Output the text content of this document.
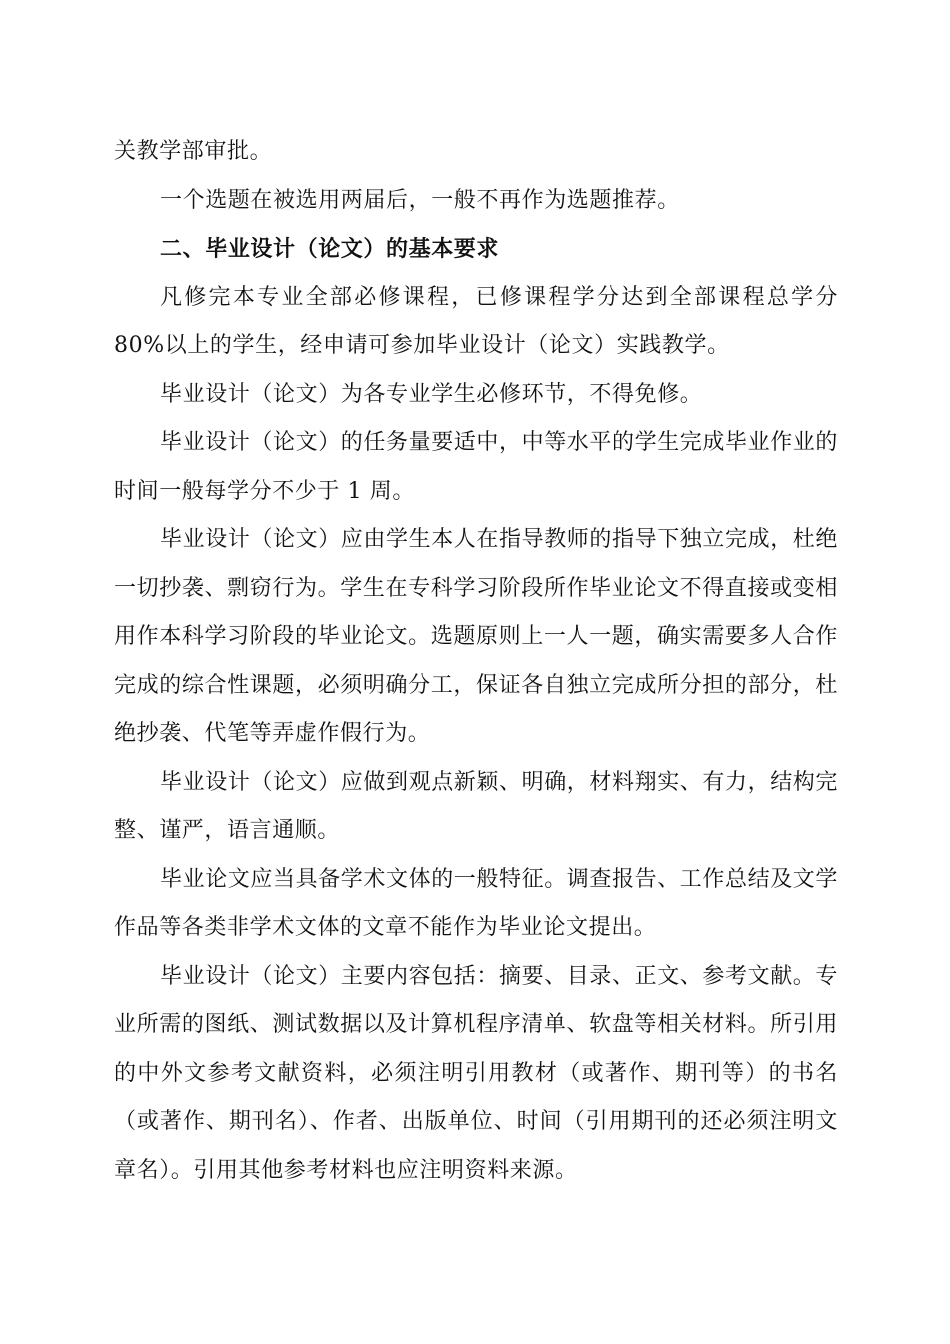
关教学部审批。

一个选题在被选用两届后，一般不再作为选题推荐。

二、毕业设计（论文）的基本要求

凡修完本专业全部必修课程，已修课程学分达到全部课程总学分 80%以上的学生，经申请可参加毕业设计（论文）实践教学。

毕业设计（论文）为各专业学生必修环节，不得免修。

毕业设计（论文）的任务量要适中，中等水平的学生完成毕业作业的时间一般每学分不少于 1 周。

毕业设计（论文）应由学生本人在指导教师的指导下独立完成，杜绝一切抄袭、剽窃行为。学生在专科学习阶段所作毕业论文不得直接或变相用作本科学习阶段的毕业论文。选题原则上一人一题，确实需要多人合作完成的综合性课题，必须明确分工，保证各自独立完成所分担的部分，杜绝抄袭、代笔等弄虚作假行为。

毕业设计（论文）应做到观点新颖、明确，材料翔实、有力，结构完整、谨严，语言通顺。

毕业论文应当具备学术文体的一般特征。调查报告、工作总结及文学作品等各类非学术文体的文章不能作为毕业论文提出。

毕业设计（论文）主要内容包括：摘要、目录、正文、参考文献。专业所需的图纸、测试数据以及计算机程序清单、软盘等相关材料。所引用的中外文参考文献资料，必须注明引用教材（或著作、期刊等）的书名（或著作、期刊名）、作者、出版单位、时间（引用期刊的还必须注明文章名）。引用其他参考材料也应注明资料来源。
